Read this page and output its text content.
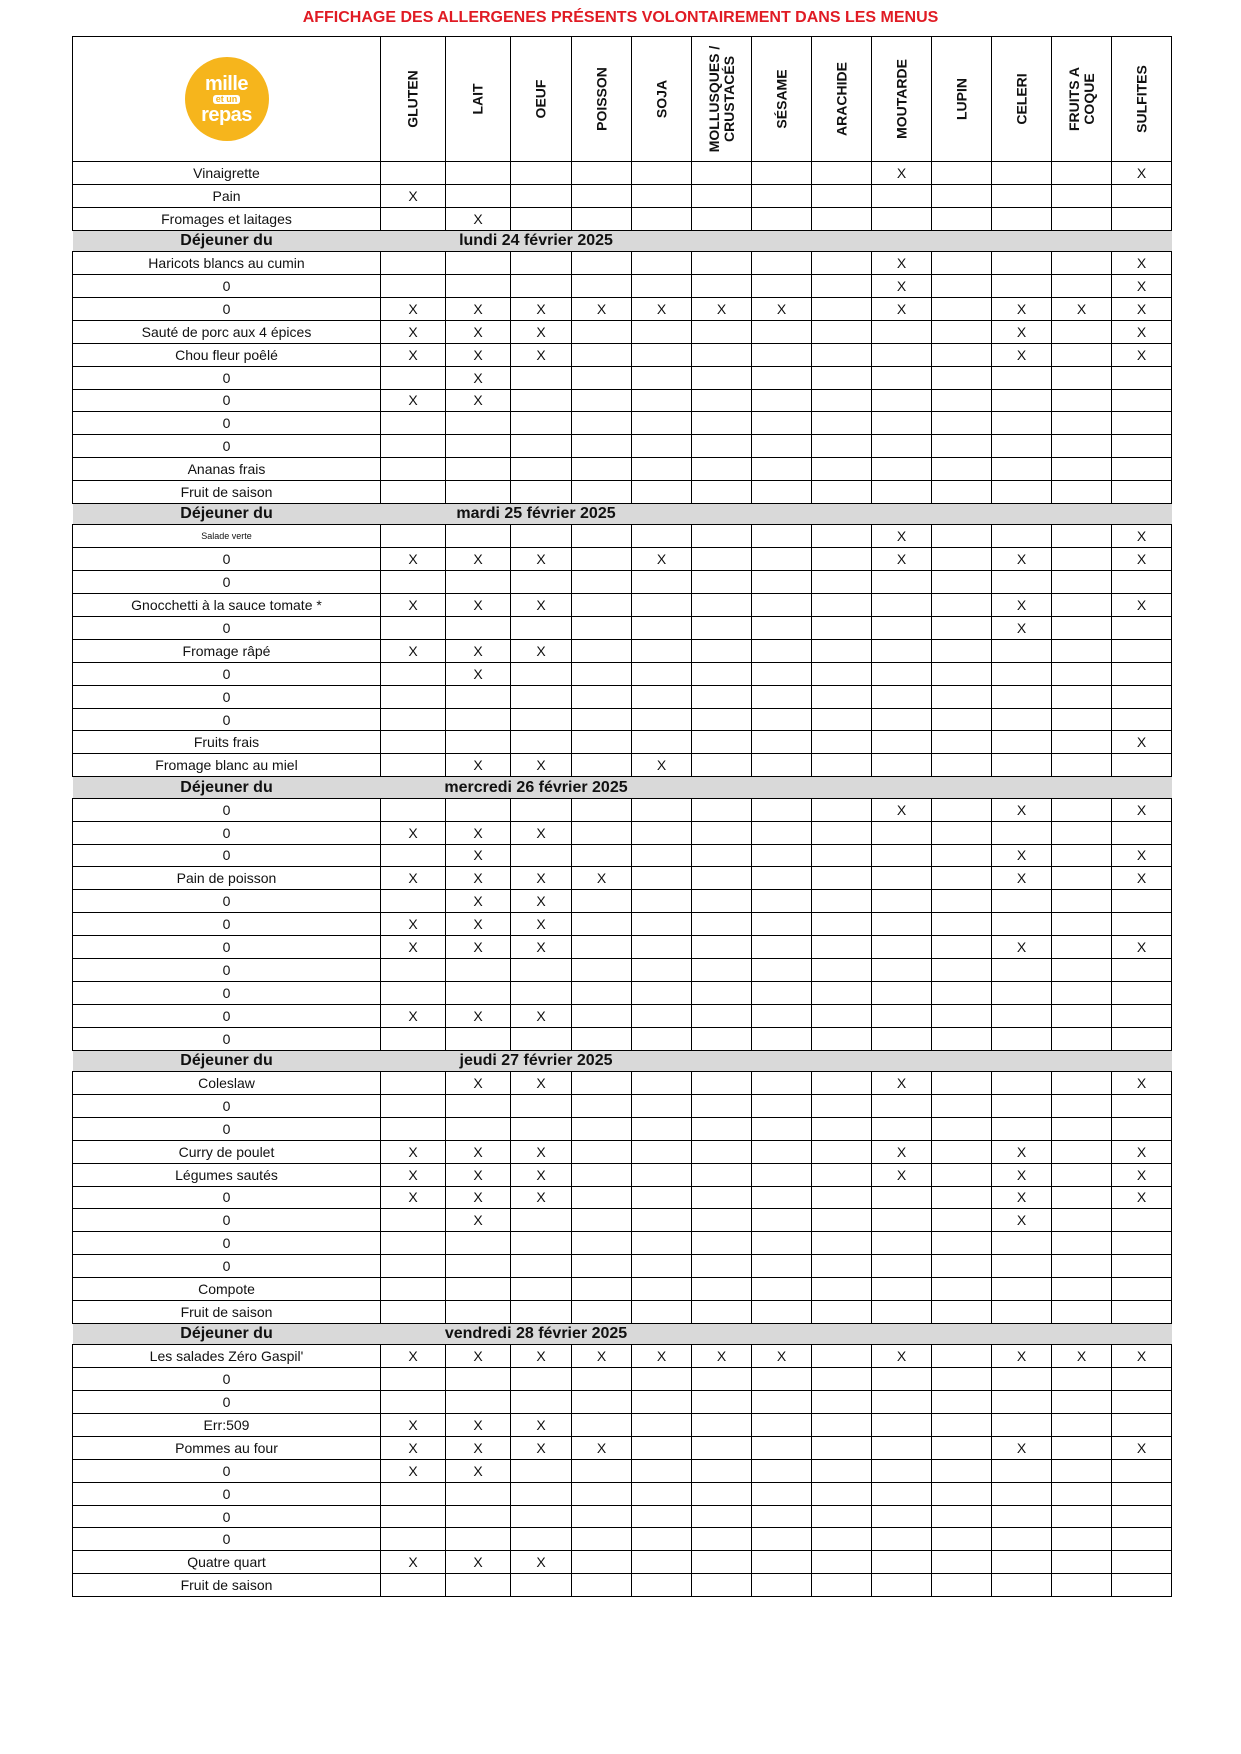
AFFICHAGE DES ALLERGENES PRÉSENTS VOLONTAIREMENT DANS LES MENUS
mille
et un
repas	GLUTEN	LAIT	OEUF	POISSON	SOJA	MOLLUSQUES /
CRUSTACÉS	SÉSAME	ARACHIDE	MOUTARDE	LUPIN	CELERI	FRUITS A
COQUE	SULFITES

Vinaigrette									X				X
Pain	X												
Fromages et laitages		X											
Déjeuner du	lundi 24 février 2025												
Haricots blancs au cumin									X				X
0									X				X
0	X	X	X	X	X	X	X		X		X	X	X
Sauté de porc aux 4 épices	X	X	X								X		X
Chou fleur poêlé	X	X	X								X		X
0		X											
0	X	X											
0													
0													
Ananas frais													
Fruit de saison													
Déjeuner du	mardi 25 février 2025												
Salade verte									X				X
0	X	X	X		X				X		X		X
0													
Gnocchetti à la sauce tomate *	X	X	X								X		X
0											X		
Fromage râpé	X	X	X										
0		X											
0													
0													
Fruits frais													X
Fromage blanc au miel		X	X		X								
Déjeuner du	mercredi 26 février 2025												
0									X		X		X
0	X	X	X										
0		X									X		X
Pain de poisson	X	X	X	X							X		X
0		X	X										
0	X	X	X										
0	X	X	X								X		X
0													
0													
0	X	X	X										
0													
Déjeuner du	jeudi 27 février 2025												
Coleslaw		X	X						X				X
0													
0													
Curry de poulet	X	X	X						X		X		X
Légumes sautés	X	X	X						X		X		X
0	X	X	X								X		X
0		X									X		
0													
0													
Compote													
Fruit de saison													
Déjeuner du	vendredi 28 février 2025												
Les salades Zéro Gaspil'	X	X	X	X	X	X	X		X		X	X	X
0													
0													
Err:509	X	X	X										
Pommes au four	X	X	X	X							X		X
0	X	X											
0													
0													
0													
Quatre quart	X	X	X										
Fruit de saison													
